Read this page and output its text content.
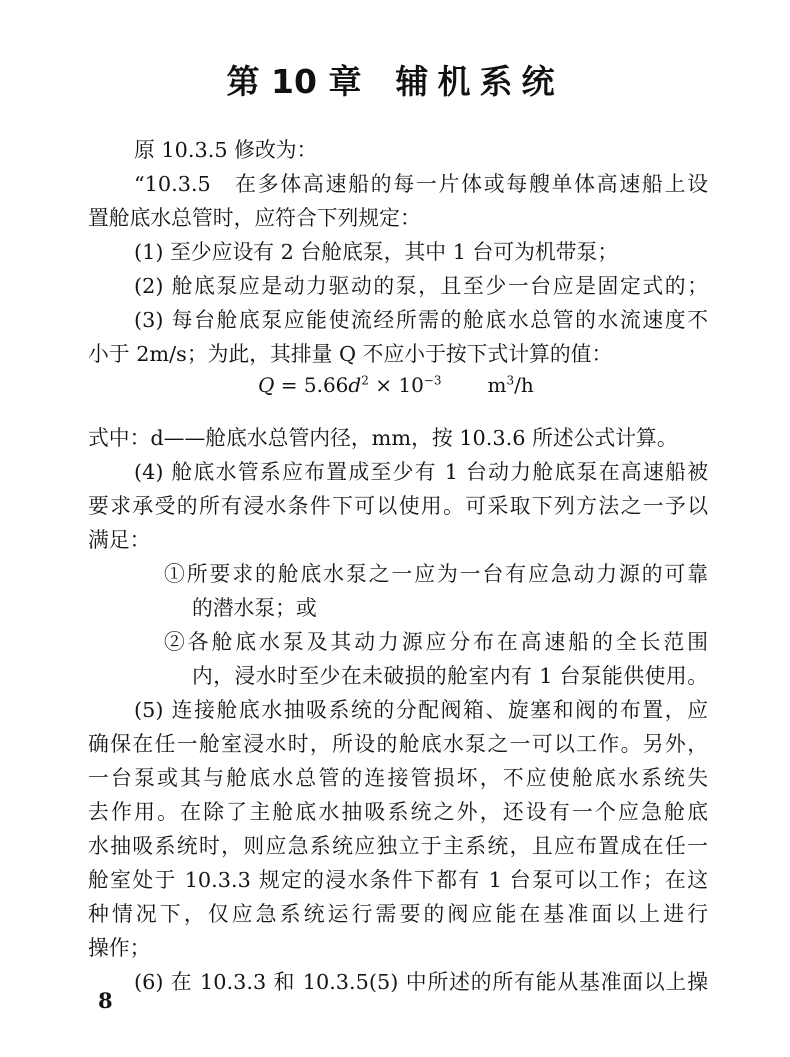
第 10 章 辅机系统
原 10.3.5 修改为：
“10.3.5　在多体高速船的每一片体或每艘单体高速船上设
置舱底水总管时，应符合下列规定：
(1) 至少应设有 2 台舱底泵，其中 1 台可为机带泵；
(2) 舱底泵应是动力驱动的泵，且至少一台应是固定式的；
(3) 每台舱底泵应能使流经所需的舱底水总管的水流速度不
小于 2m/s；为此，其排量 Q 不应小于按下式计算的值：
$Q = 5.66d^2 \times 10^{-3}$ $m^3/h$
式中：d——舱底水总管内径，mm，按 10.3.6 所述公式计算。
(4) 舱底水管系应布置成至少有 1 台动力舱底泵在高速船被
要求承受的所有浸水条件下可以使用。可采取下列方法之一予以
满足：
①所要求的舱底水泵之一应为一台有应急动力源的可靠
的潜水泵；或
②各舱底水泵及其动力源应分布在高速船的全长范围
内，浸水时至少在未破损的舱室内有 1 台泵能供使用。
(5) 连接舱底水抽吸系统的分配阀箱、旋塞和阀的布置，应
确保在任一舱室浸水时，所设的舱底水泵之一可以工作。另外，
一台泵或其与舱底水总管的连接管损坏，不应使舱底水系统失
去作用。在除了主舱底水抽吸系统之外，还设有一个应急舱底
水抽吸系统时，则应急系统应独立于主系统，且应布置成在任一
舱室处于 10.3.3 规定的浸水条件下都有 1 台泵可以工作；在这
种情况下，仅应急系统运行需要的阀应能在基准面以上进行
操作；
(6) 在 10.3.3 和 10.3.5(5) 中所述的所有能从基准面以上操
8
